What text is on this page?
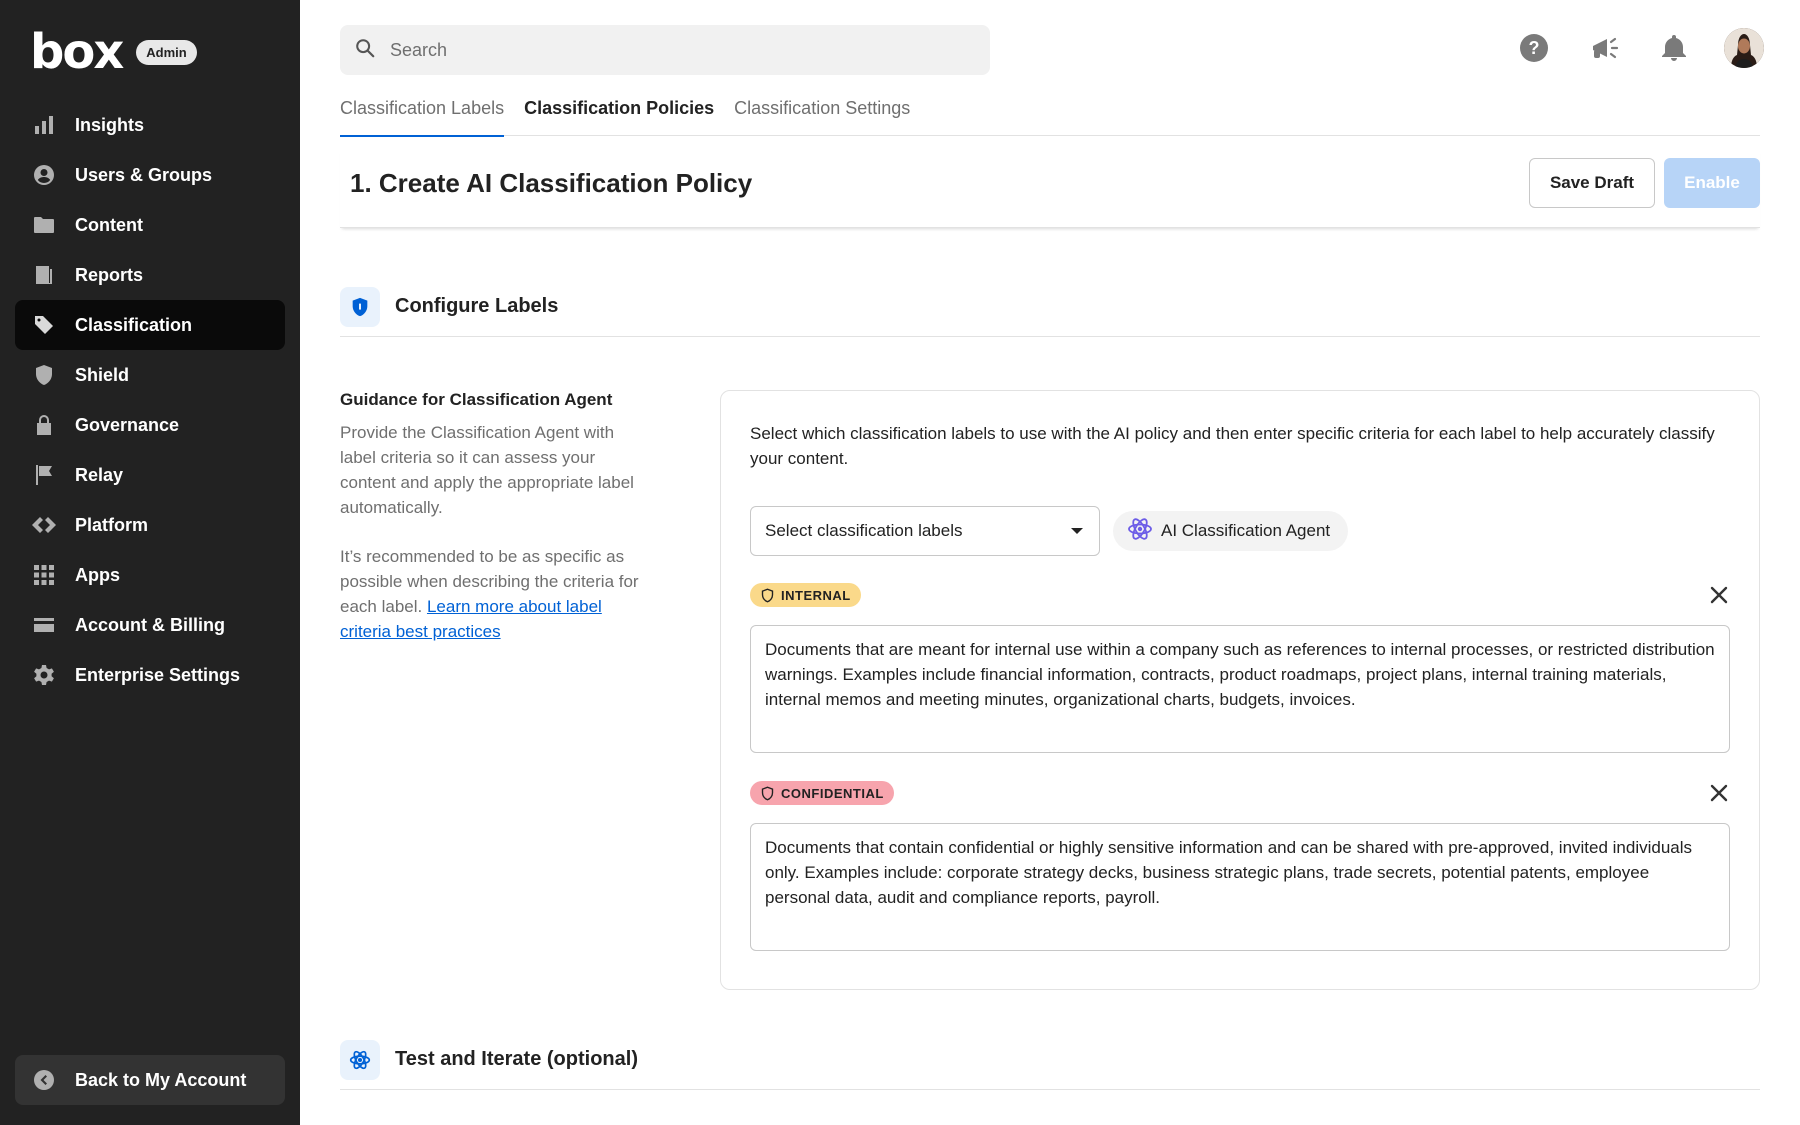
box	Admin
Insights
Users & Groups
Content
Reports
Classification
Shield
Governance
Relay
Platform
Apps
Account & Billing
Enterprise Settings
Back to My Account
Search
?
Classification Labels Classification Policies Classification Settings
1. Create AI Classification Policy	Save Draft	Enable
Configure Labels
Guidance for Classification Agent

Provide the Classification Agent with label criteria so it can assess your content and apply the appropriate label automatically.

It’s recommended to be as specific as possible when describing the criteria for each label. Learn more about label criteria best practices

Select which classification labels to use with the AI policy and then enter specific criteria for each label to help accurately classify your content.

Select classification labels	AI Classification Agent
INTERNAL
Documents that are meant for internal use within a company such as references to internal processes, or restricted distribution warnings. Examples include financial information, contracts, product roadmaps, project plans, internal training materials, internal memos and meeting minutes, organizational charts, budgets, invoices.
CONFIDENTIAL
Documents that contain confidential or highly sensitive information and can be shared with pre-approved, invited individuals only. Examples include: corporate strategy decks, business strategic plans, trade secrets, potential patents, employee personal data, audit and compliance reports, payroll.
Test and Iterate (optional)
